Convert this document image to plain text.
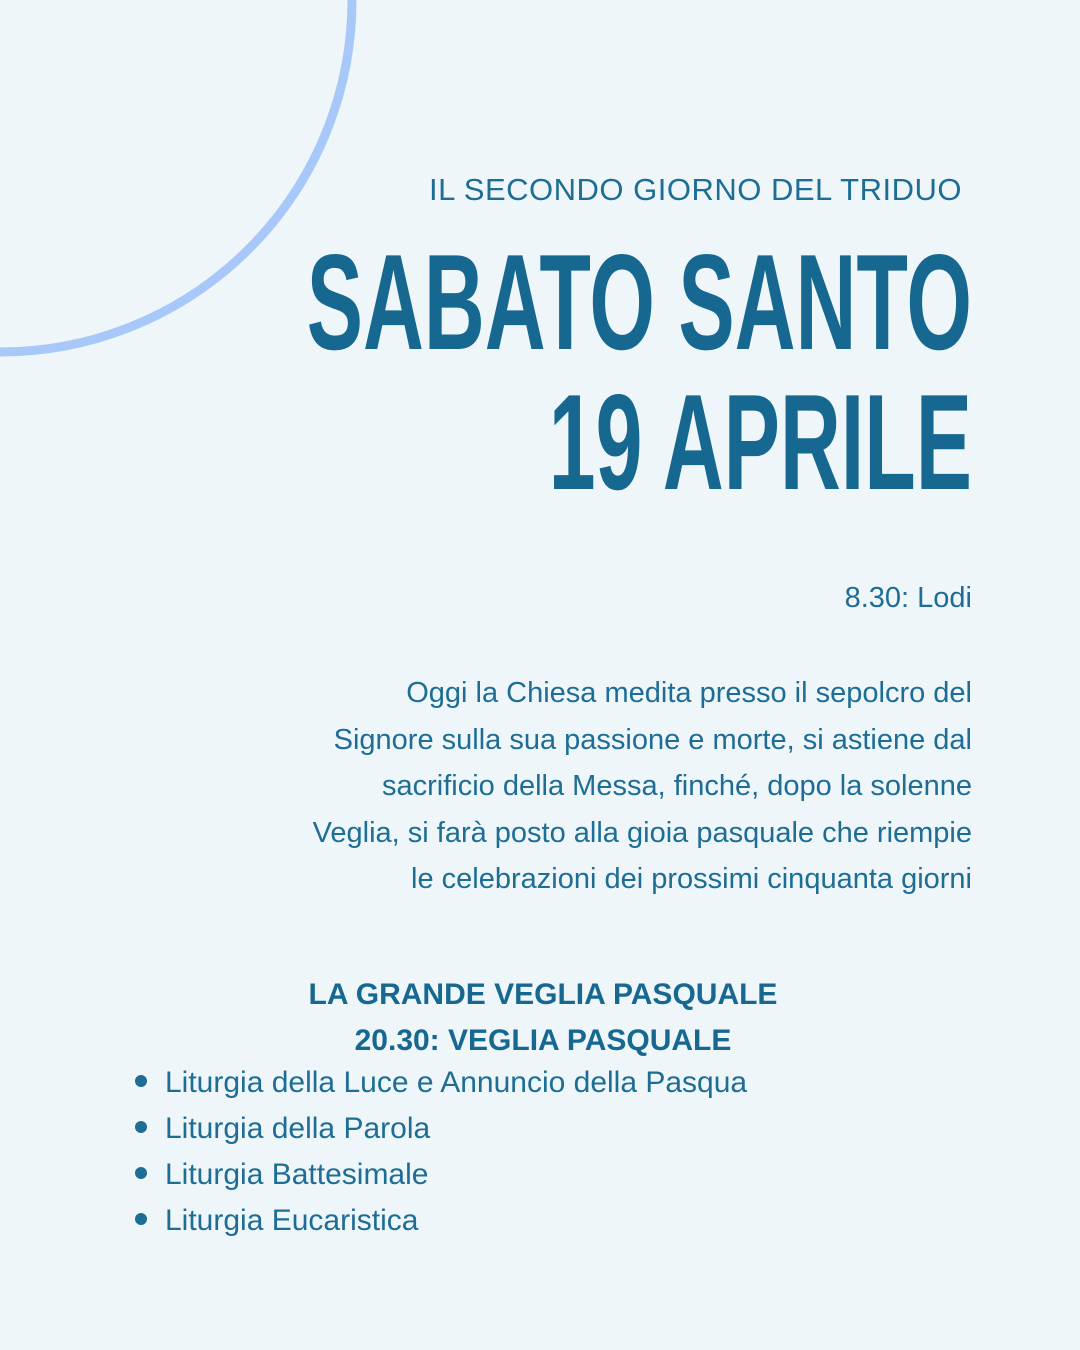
IL SECONDO GIORNO DEL TRIDUO
SABATO SANTO
19 APRILE
8.30: Lodi
Oggi la Chiesa medita presso il sepolcro del
Signore sulla sua passione e morte, si astiene dal
sacrificio della Messa, finché, dopo la solenne
Veglia, si farà posto alla gioia pasquale che riempie
le celebrazioni dei prossimi cinquanta giorni
LA GRANDE VEGLIA PASQUALE
20.30: VEGLIA PASQUALE
Liturgia della Luce e Annuncio della Pasqua
Liturgia della Parola
Liturgia Battesimale
Liturgia Eucaristica
